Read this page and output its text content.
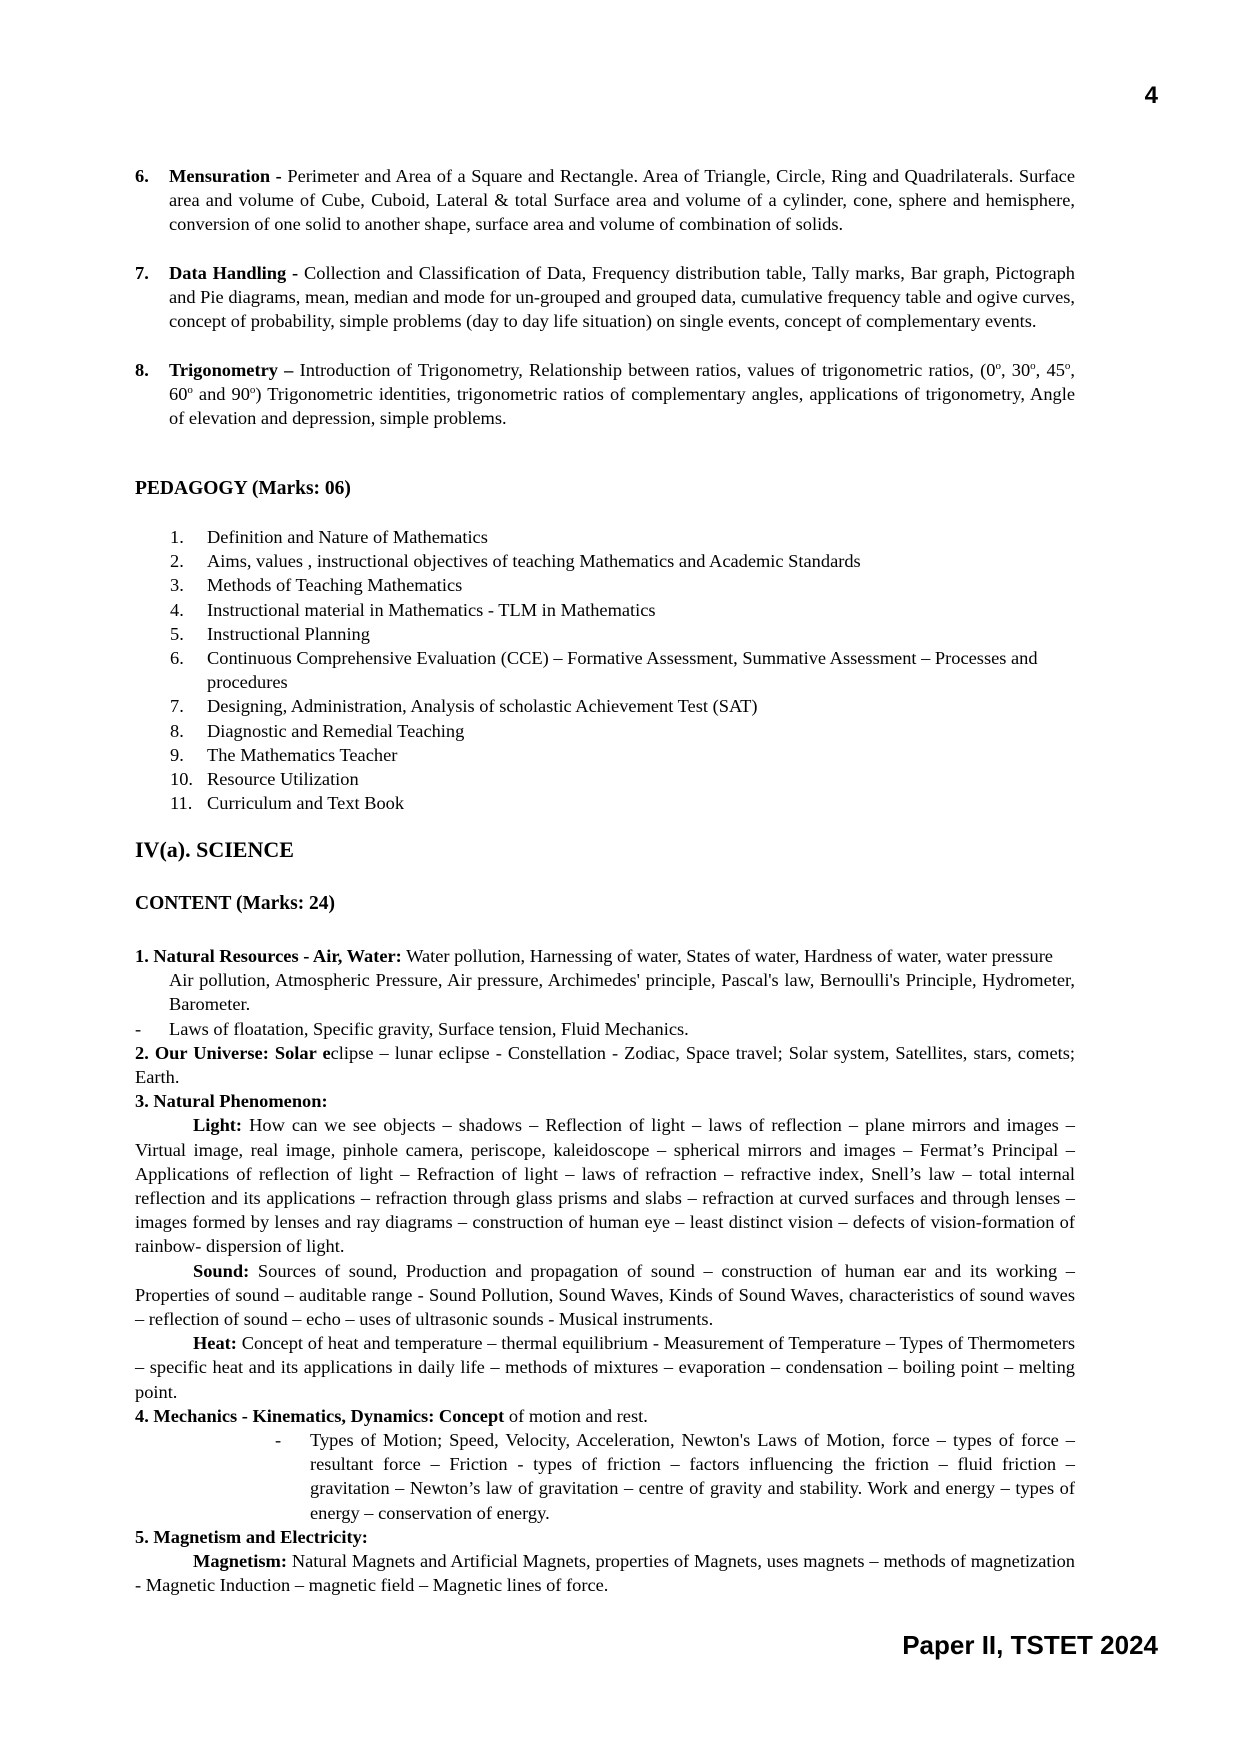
4
6. Mensuration - Perimeter and Area of a Square and Rectangle. Area of Triangle, Circle, Ring and Quadrilaterals. Surface area and volume of Cube, Cuboid, Lateral & total Surface area and volume of a cylinder, cone, sphere and hemisphere, conversion of one solid to another shape, surface area and volume of combination of solids.
7. Data Handling - Collection and Classification of Data, Frequency distribution table, Tally marks, Bar graph, Pictograph and Pie diagrams, mean, median and mode for un-grouped and grouped data, cumulative frequency table and ogive curves, concept of probability, simple problems (day to day life situation) on single events, concept of complementary events.
8. Trigonometry – Introduction of Trigonometry, Relationship between ratios, values of trigonometric ratios, (0$^o$, 30$^o$, 45$^o$, 60$^o$ and 90$^o$) Trigonometric identities, trigonometric ratios of complementary angles, applications of trigonometry, Angle of elevation and depression, simple problems.
PEDAGOGY (Marks: 06)
1.	Definition and Nature of Mathematics
2.	Aims, values , instructional objectives of teaching Mathematics and Academic Standards
3.	Methods of Teaching Mathematics
4.	Instructional material in Mathematics - TLM in Mathematics
5.	Instructional Planning
6.	Continuous Comprehensive Evaluation (CCE) – Formative Assessment, Summative Assessment – Processes and procedures
7.	Designing, Administration, Analysis of scholastic Achievement Test (SAT)
8.	Diagnostic and Remedial Teaching
9.	The Mathematics Teacher
10. Resource Utilization
11. Curriculum and Text Book
IV(a). SCIENCE
CONTENT (Marks: 24)
1. Natural Resources - Air, Water: Water pollution, Harnessing of water, States of water, Hardness of water, water pressure
Air pollution, Atmospheric Pressure, Air pressure, Archimedes' principle, Pascal's law, Bernoulli's Principle, Hydrometer, Barometer.
- Laws of floatation, Specific gravity, Surface tension, Fluid Mechanics.
2. Our Universe: Solar eclipse – lunar eclipse - Constellation - Zodiac, Space travel; Solar system, Satellites, stars, comets; Earth.
3. Natural Phenomenon:
Light: How can we see objects – shadows – Reflection of light – laws of reflection – plane mirrors and images – Virtual image, real image, pinhole camera, periscope, kaleidoscope – spherical mirrors and images – Fermat’s Principal – Applications of reflection of light – Refraction of light – laws of refraction – refractive index, Snell’s law – total internal reflection and its applications – refraction through glass prisms and slabs – refraction at curved surfaces and through lenses – images formed by lenses and ray diagrams – construction of human eye – least distinct vision – defects of vision-formation of rainbow- dispersion of light.
Sound: Sources of sound, Production and propagation of sound – construction of human ear and its working – Properties of sound – auditable range - Sound Pollution, Sound Waves, Kinds of Sound Waves, characteristics of sound waves – reflection of sound – echo – uses of ultrasonic sounds - Musical instruments.
Heat: Concept of heat and temperature – thermal equilibrium - Measurement of Temperature – Types of Thermometers – specific heat and its applications in daily life – methods of mixtures – evaporation – condensation – boiling point – melting point.
4. Mechanics - Kinematics, Dynamics: Concept of motion and rest.
- Types of Motion; Speed, Velocity, Acceleration, Newton's Laws of Motion, force – types of force – resultant force – Friction - types of friction – factors influencing the friction – fluid friction – gravitation – Newton’s law of gravitation – centre of gravity and stability. Work and energy – types of energy – conservation of energy.
5. Magnetism and Electricity:
Magnetism: Natural Magnets and Artificial Magnets, properties of Magnets, uses magnets – methods of magnetization - Magnetic Induction – magnetic field – Magnetic lines of force.
Paper II, TSTET 2024
